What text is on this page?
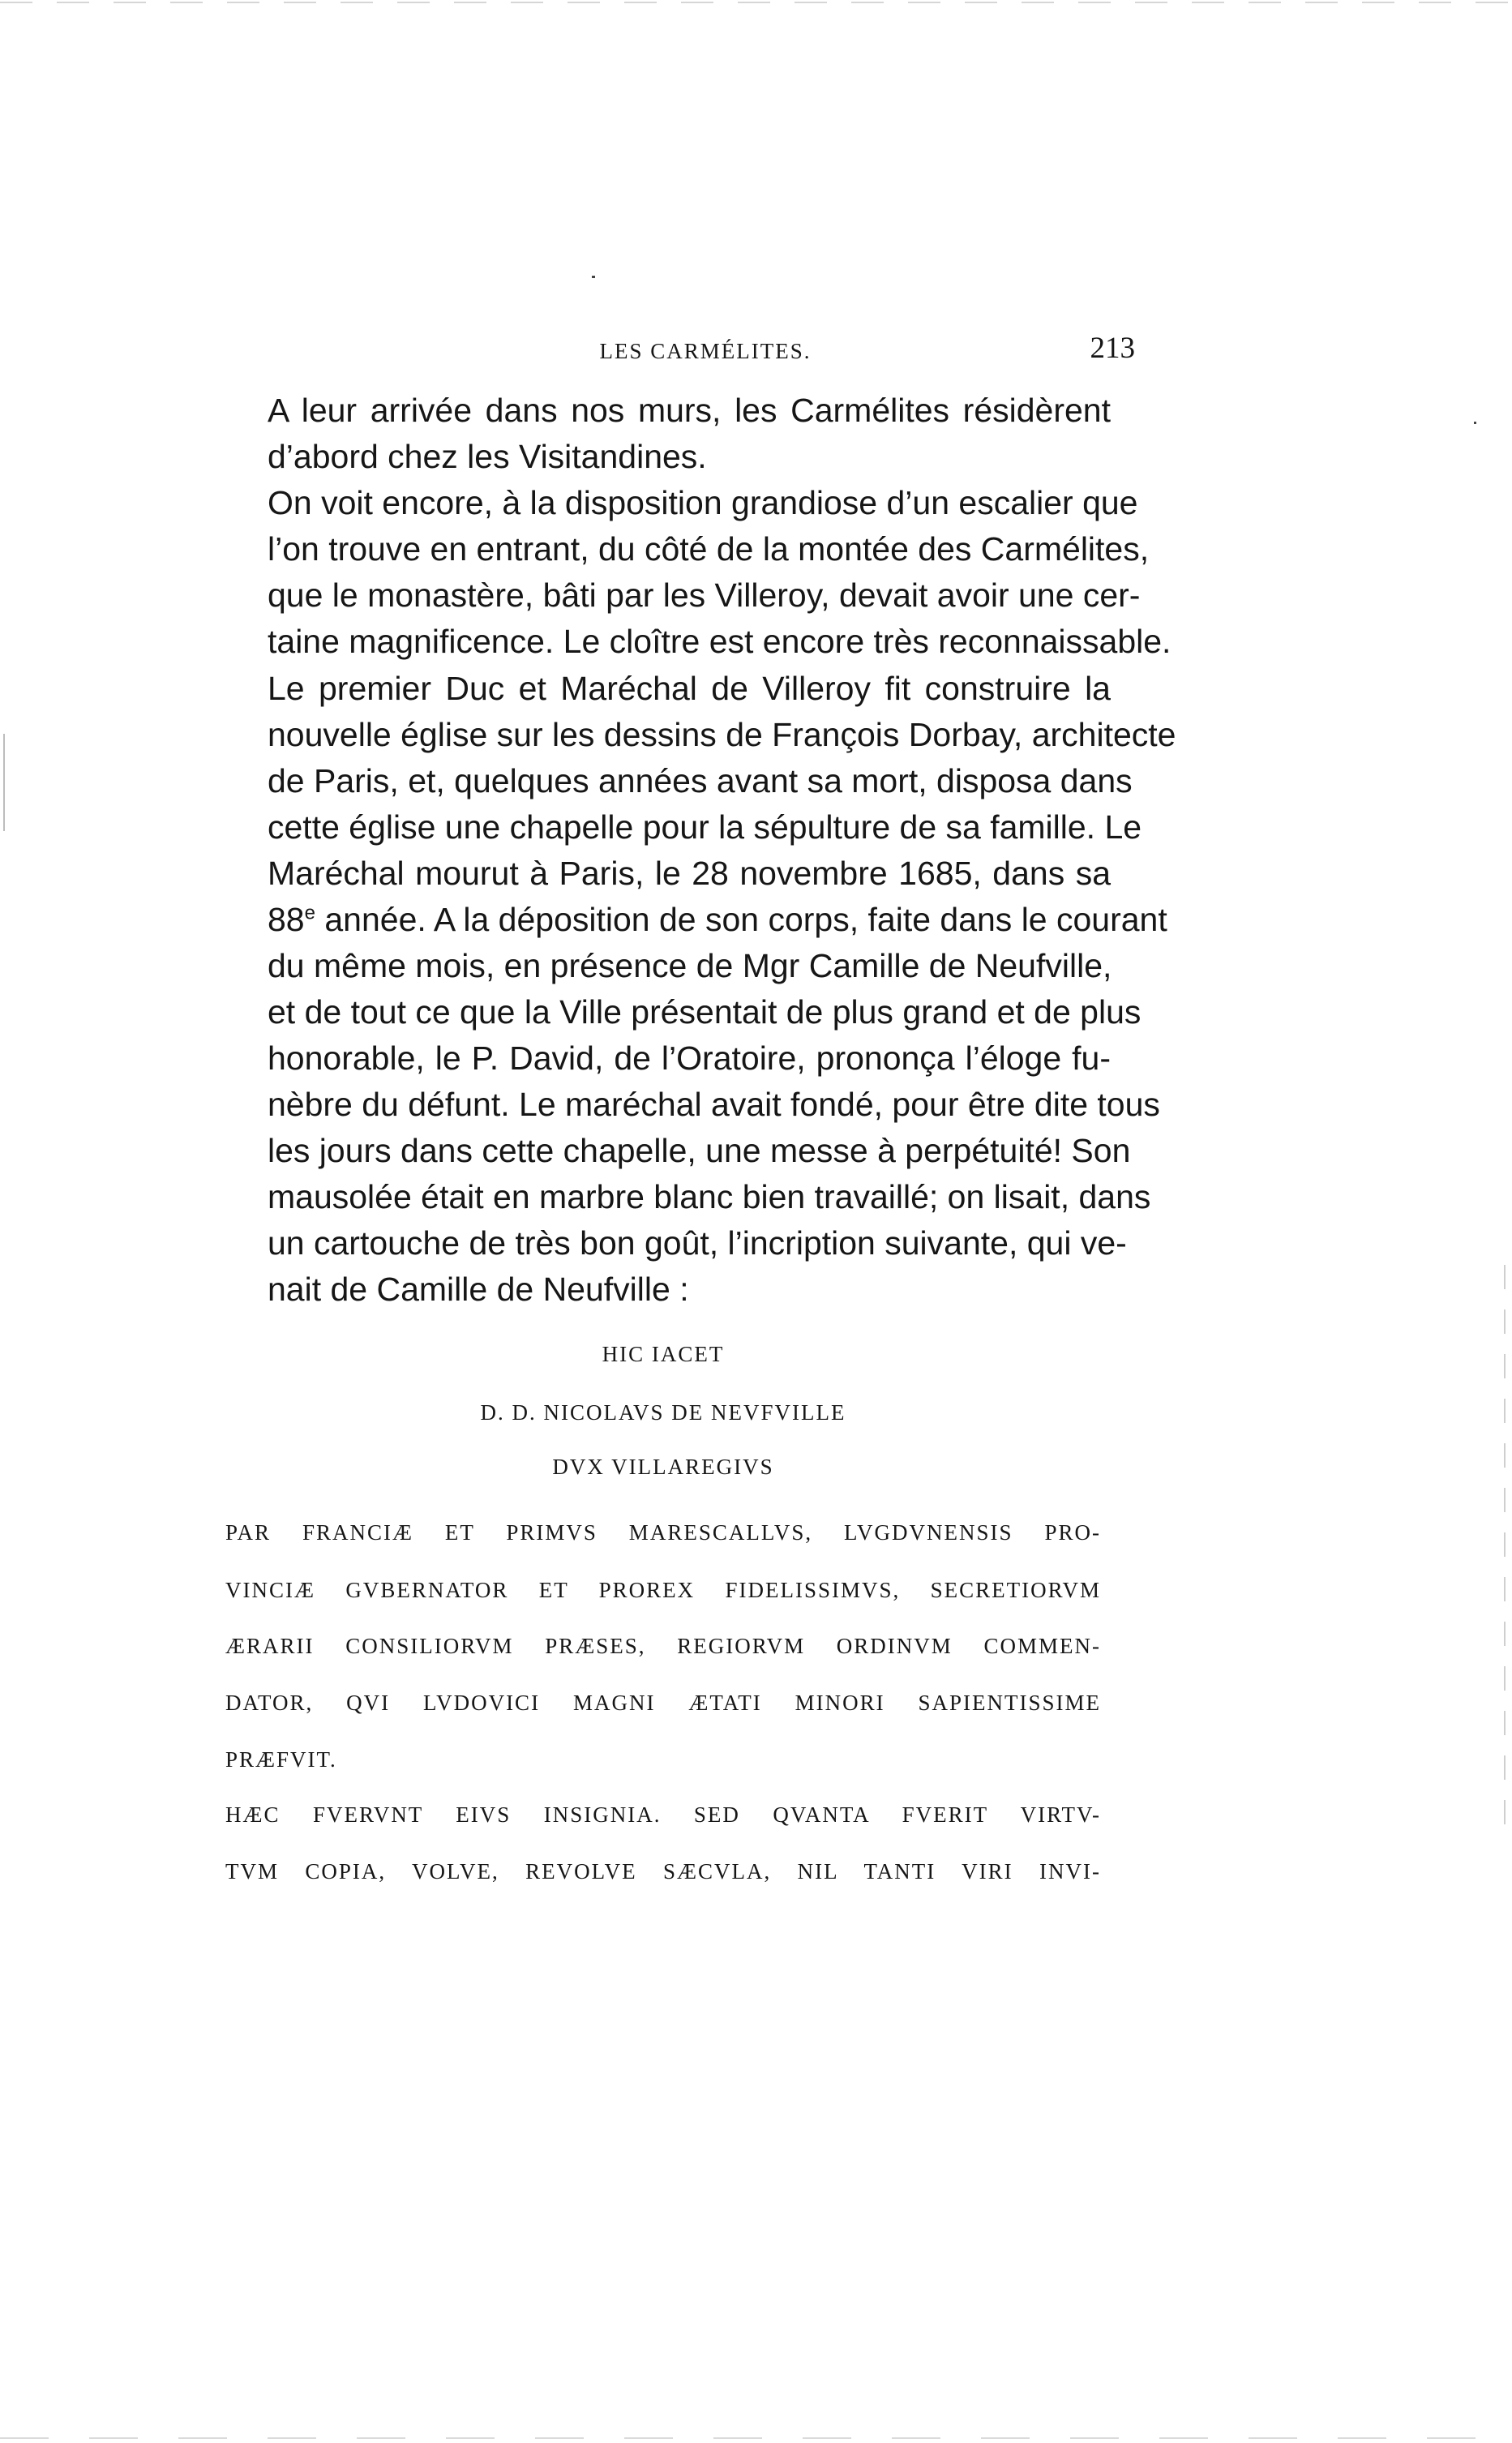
LES CARMÉLITES.	213
A leur arrivée dans nos murs, les Carmélites résidèrent
d’abord chez les Visitandines.
On voit encore, à la disposition grandiose d’un escalier que
l’on trouve en entrant, du côté de la montée des Carmélites,
que le monastère, bâti par les Villeroy, devait avoir une cer-
taine magnificence. Le cloître est encore très reconnaissable.
Le premier Duc et Maréchal de Villeroy fit construire la
nouvelle église sur les dessins de François Dorbay, architecte
de Paris, et, quelques années avant sa mort, disposa dans
cette église une chapelle pour la sépulture de sa famille. Le
Maréchal mourut à Paris, le 28 novembre 1685, dans sa
88e année. A la déposition de son corps, faite dans le courant
du même mois, en présence de Mgr Camille de Neufville,
et de tout ce que la Ville présentait de plus grand et de plus
honorable, le P. David, de l’Oratoire, prononça l’éloge fu-
nèbre du défunt. Le maréchal avait fondé, pour être dite tous
les jours dans cette chapelle, une messe à perpétuité! Son
mausolée était en marbre blanc bien travaillé; on lisait, dans
un cartouche de très bon goût, l’incription suivante, qui ve-
nait de Camille de Neufville :
HIC IACET
D. D. NICOLAVS DE NEVFVILLE
DVX VILLAREGIVS
PAR FRANCIÆ ET PRIMVS MARESCALLVS, LVGDVNENSIS PRO-
VINCIÆ GVBERNATOR ET PROREX FIDELISSIMVS, SECRETIORVM
ÆRARII CONSILIORVM PRÆSES, REGIORVM ORDINVM COMMEN-
DATOR, QVI LVDOVICI MAGNI ÆTATI MINORI SAPIENTISSIME
PRÆFVIT.
HÆC FVERVNT EIVS INSIGNIA. SED QVANTA FVERIT VIRTV-
TVM COPIA, VOLVE, REVOLVE SÆCVLA, NIL TANTI VIRI INVI-
